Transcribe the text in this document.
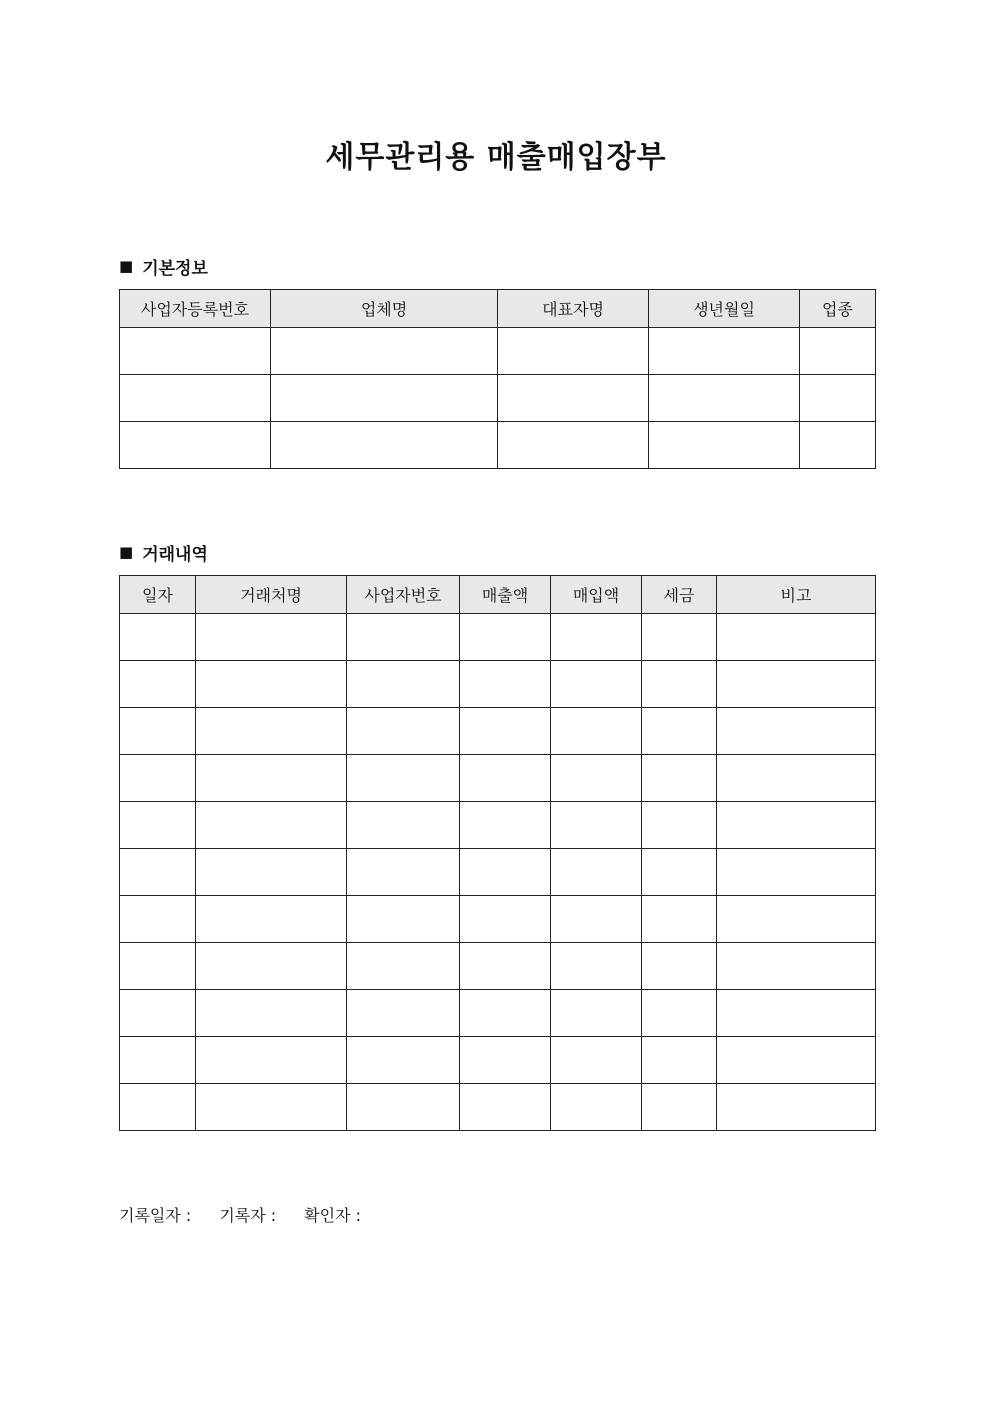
세무관리용 매출매입장부
■ 기본정보
사업자등록번호	업체명	대표자명	생년월일	업종

■ 거래내역
일자	거래처명	사업자번호	매출액	매입액	세금	비고

기록일자 : 기록자 : 확인자 :
